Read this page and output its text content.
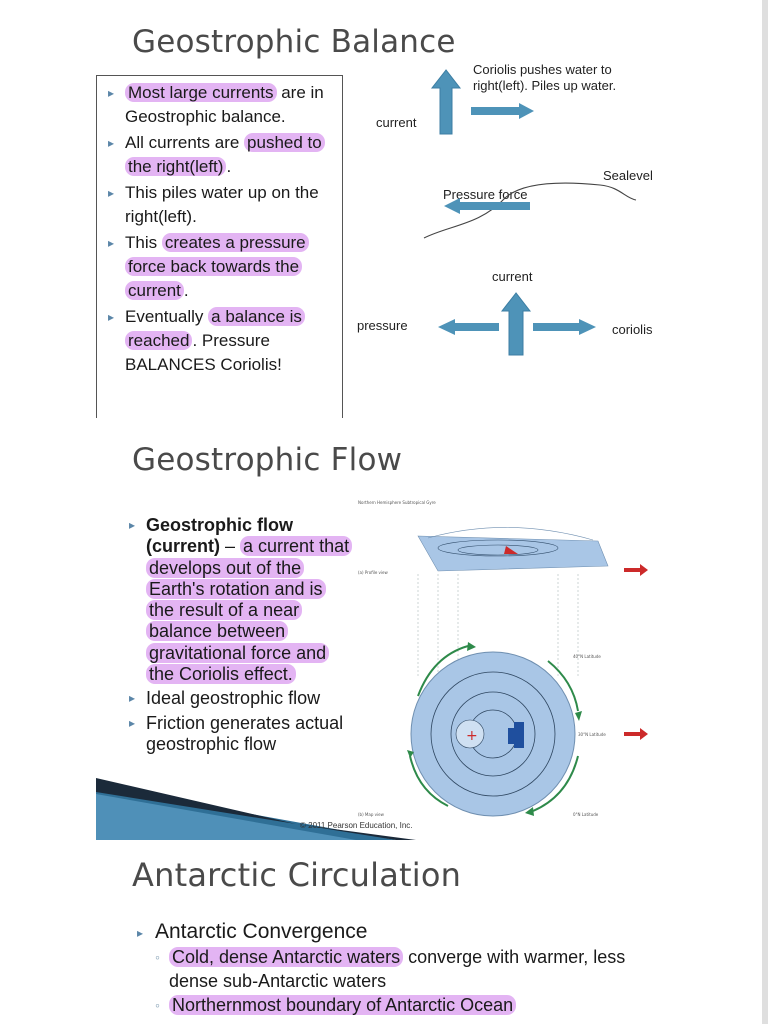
Geostrophic Balance
▸ Most large currents are in Geostrophic balance.
▸ All currents are pushed to the right(left) .
▸ This piles water up on the right(left).
▸ This creates a pressure force back towards the current .
▸ Eventually a balance is reached . Pressure BALANCES Coriolis!
Coriolis pushes water to
right(left). Piles up water.
current
Sealevel
Pressure force
current
pressure	coriolis
Geostrophic Flow
▸ Geostrophic flow (current) – a current that develops out of the Earth's rotation and is the result of a near balance between gravitational force and the Coriolis effect.
▸ Ideal geostrophic flow
▸ Friction generates actual geostrophic flow	+
Northern Hemisphere Subtropical Gyre
40°N Latitude
30°N Latitude
0°N Latitude
(b) Map view
(a) Profile view
© 2011 Pearson Education, Inc.
Antarctic Circulation
▸ Antarctic Convergence
◦ Cold, dense Antarctic waters converge with warmer, less dense sub-Antarctic waters
◦ Northernmost boundary of Antarctic Ocean
